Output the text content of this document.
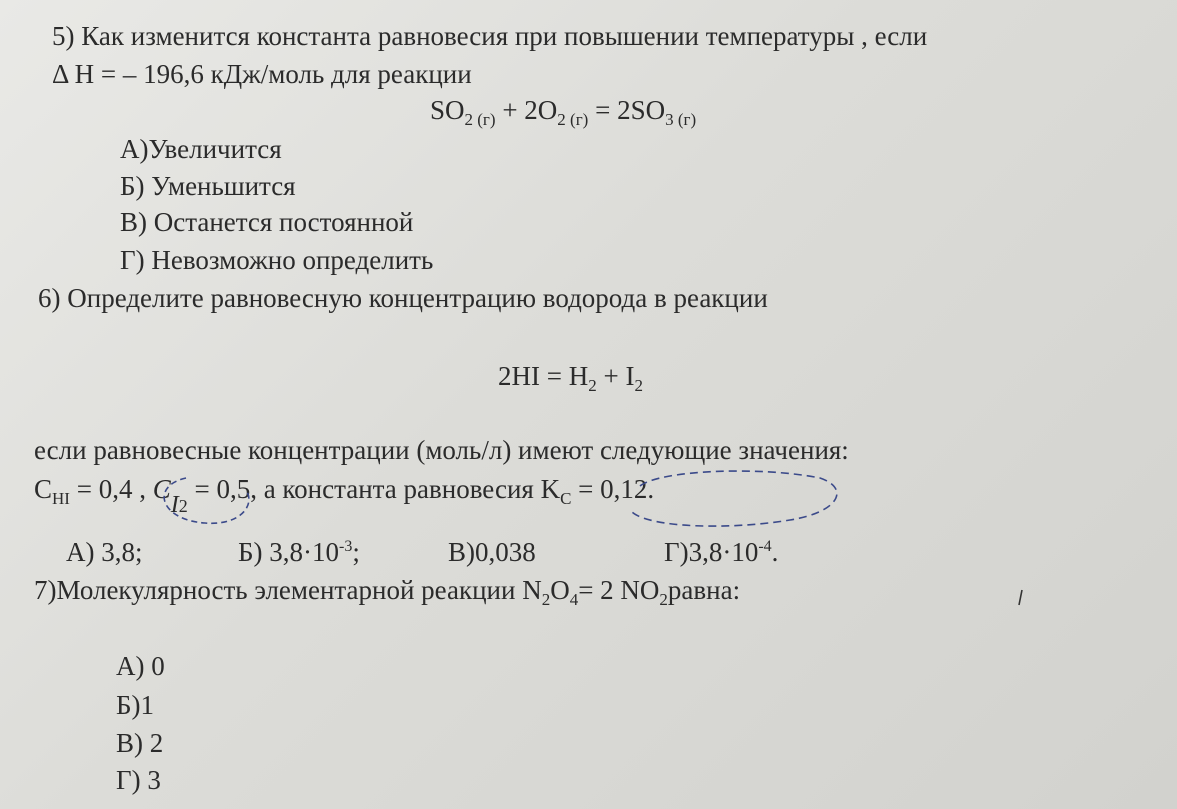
5) Как изменится константа равновесия при повышении температуры , если
Δ H = – 196,6 кДж/моль для реакции
$SO_{2 (г)} + 2O_{2 (г)} = 2SO_{3 (г)}$
А)Увеличится
Б) Уменьшится
В) Останется постоянной
Г) Невозможно определить
6) Определите равновесную концентрацию водорода в реакции
$2HI = H_2 + I_2$
если равновесные концентрации (моль/л) имеют следующие значения:
$C_{HI} = 0,4$ , $C_{I2} = 0,5$, а константа равновесия $K_C = 0,12$.
А) 3,8;	Б) $3,8\cdot 10^{-3}$;	В)0,038	$Г)3,8\cdot 10^{-4}$.
7)Молекулярность элементарной реакции $N_2O_4= 2$ $NO_2равна$:
А) 0
Б)1
В) 2
Г) 3
